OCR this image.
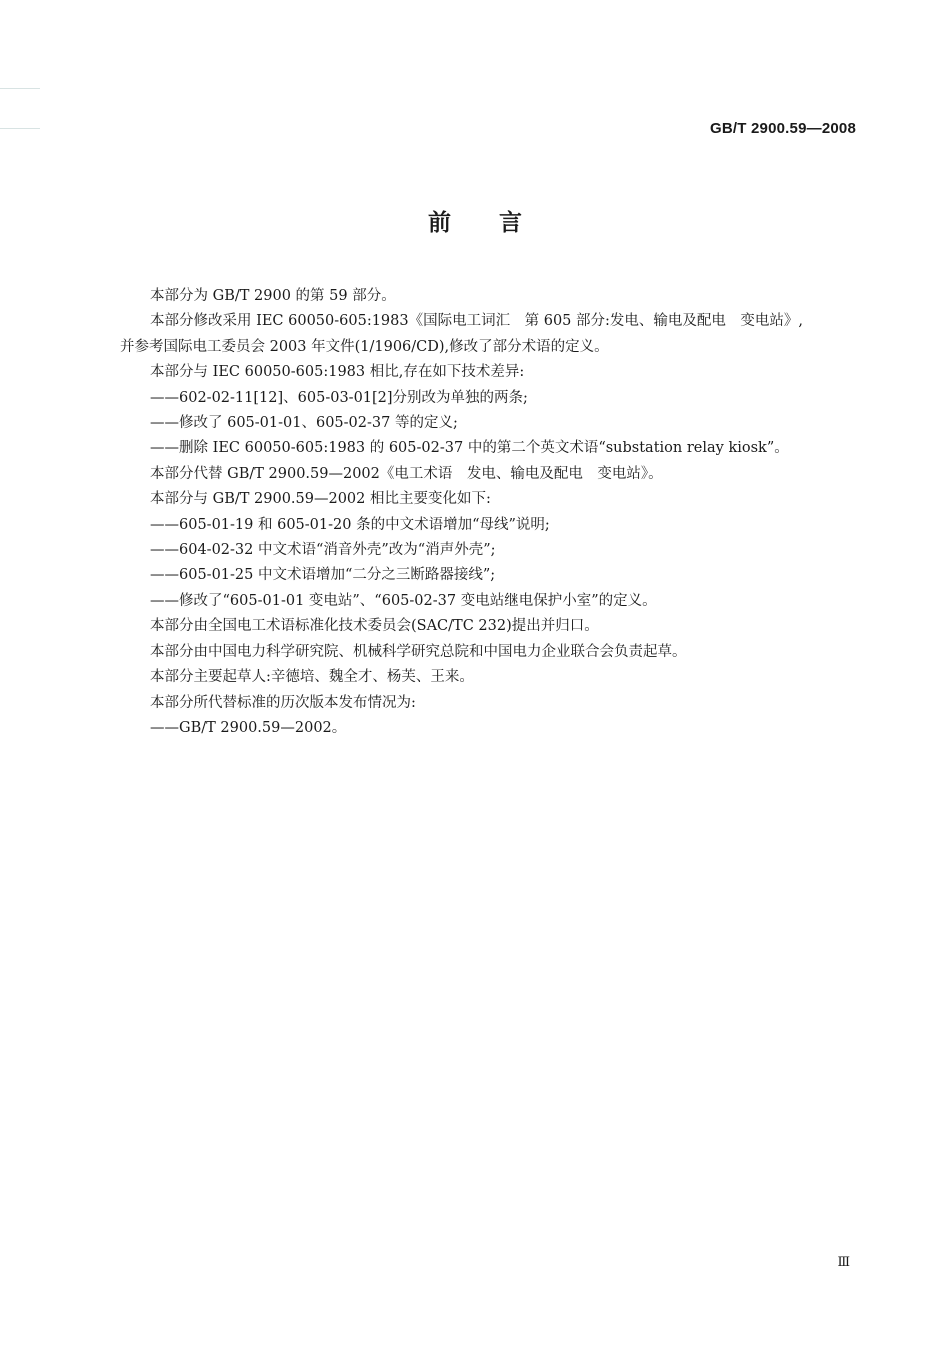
GB/T 2900.59—2008
前言

本部分为 GB/T 2900 的第 59 部分。

本部分修改采用 IEC 60050-605:1983《国际电工词汇　第 605 部分:发电、输电及配电　变电站》,

并参考国际电工委员会 2003 年文件(1/1906/CD),修改了部分术语的定义。

本部分与 IEC 60050-605:1983 相比,存在如下技术差异:

——602-02-11[12]、605-03-01[2]分别改为单独的两条;

——修改了 605-01-01、605-02-37 等的定义;

——删除 IEC 60050-605:1983 的 605-02-37 中的第二个英文术语“substation relay kiosk”。

本部分代替 GB/T 2900.59—2002《电工术语　发电、输电及配电　变电站》。

本部分与 GB/T 2900.59—2002 相比主要变化如下:

——605-01-19 和 605-01-20 条的中文术语增加“母线”说明;

——604-02-32 中文术语“消音外壳”改为“消声外壳”;

——605-01-25 中文术语增加“二分之三断路器接线”;

——修改了“605-01-01 变电站”、“605-02-37 变电站继电保护小室”的定义。

本部分由全国电工术语标准化技术委员会(SAC/TC 232)提出并归口。

本部分由中国电力科学研究院、机械科学研究总院和中国电力企业联合会负责起草。

本部分主要起草人:辛德培、魏全才、杨芙、王来。

本部分所代替标准的历次版本发布情况为:

——GB/T 2900.59—2002。

Ⅲ
